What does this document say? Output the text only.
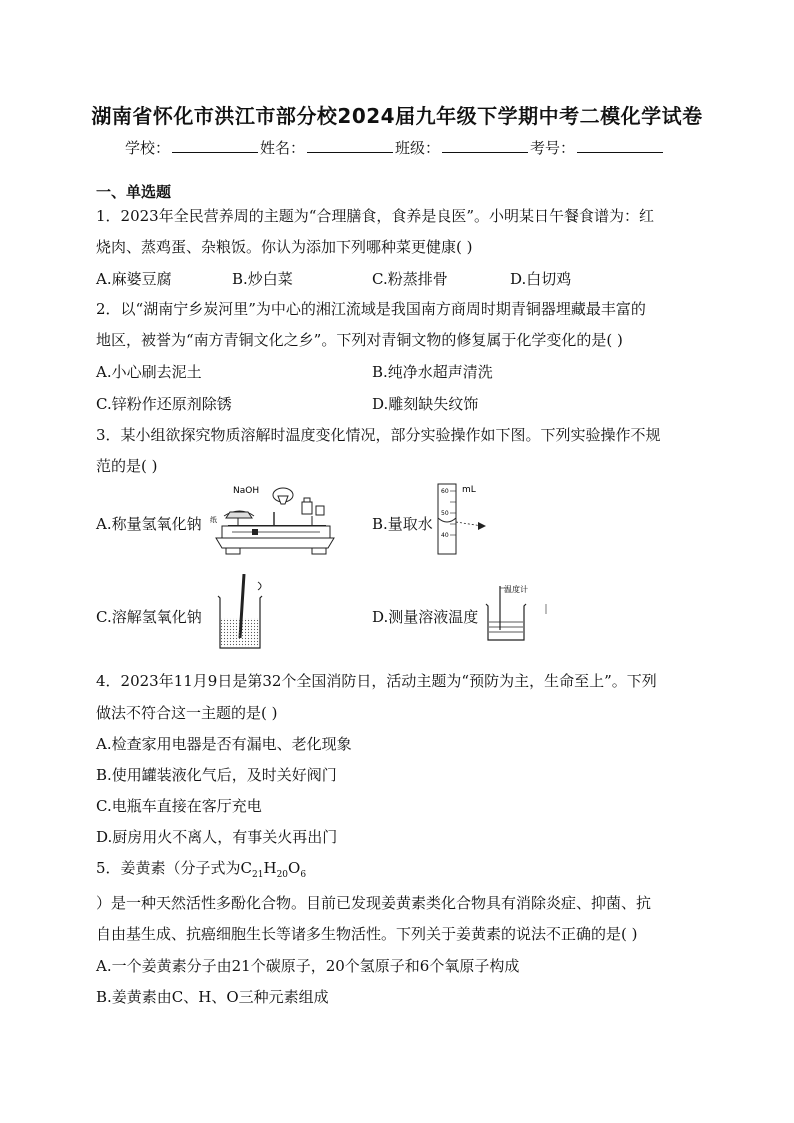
湖南省怀化市洪江市部分校2024届九年级下学期中考二模化学试卷
学校：	姓名：	班级：	考号：
一、单选题
1．2023年全民营养周的主题为“合理膳食，食养是良医”。小明某日午餐食谱为：红
烧肉、蒸鸡蛋、杂粮饭。你认为添加下列哪种菜更健康( )
A.麻婆豆腐	B.炒白菜	C.粉蒸排骨	D.白切鸡
2．以“湖南宁乡炭河里”为中心的湘江流域是我国南方商周时期青铜器埋藏最丰富的
地区，被誉为“南方青铜文化之乡”。下列对青铜文物的修复属于化学变化的是( )
A.小心刷去泥土	B.纯净水超声清洗
C.锌粉作还原剂除锈	D.雕刻缺失纹饰
3．某小组欲探究物质溶解时温度变化情况，部分实验操作如下图。下列实验操作不规
范的是( )
A.称量氢氧化钠
NaOH
纸	B.量取水
60
50
40
mL
C.溶解氢氧化钠	D.测量溶液温度
温度计
4．2023年11月9日是第32个全国消防日，活动主题为“预防为主，生命至上”。下列
做法不符合这一主题的是( )
A.检查家用电器是否有漏电、老化现象
B.使用罐装液化气后，及时关好阀门
C.电瓶车直接在客厅充电
D.厨房用火不离人，有事关火再出门
5．姜黄素（分子式为$C_{21}H_{20}O_6$
）是一种天然活性多酚化合物。目前已发现姜黄素类化合物具有消除炎症、抑菌、抗
自由基生成、抗癌细胞生长等诸多生物活性。下列关于姜黄素的说法不正确的是( )
A.一个姜黄素分子由21个碳原子，20个氢原子和6个氧原子构成
B.姜黄素由C、H、O三种元素组成
